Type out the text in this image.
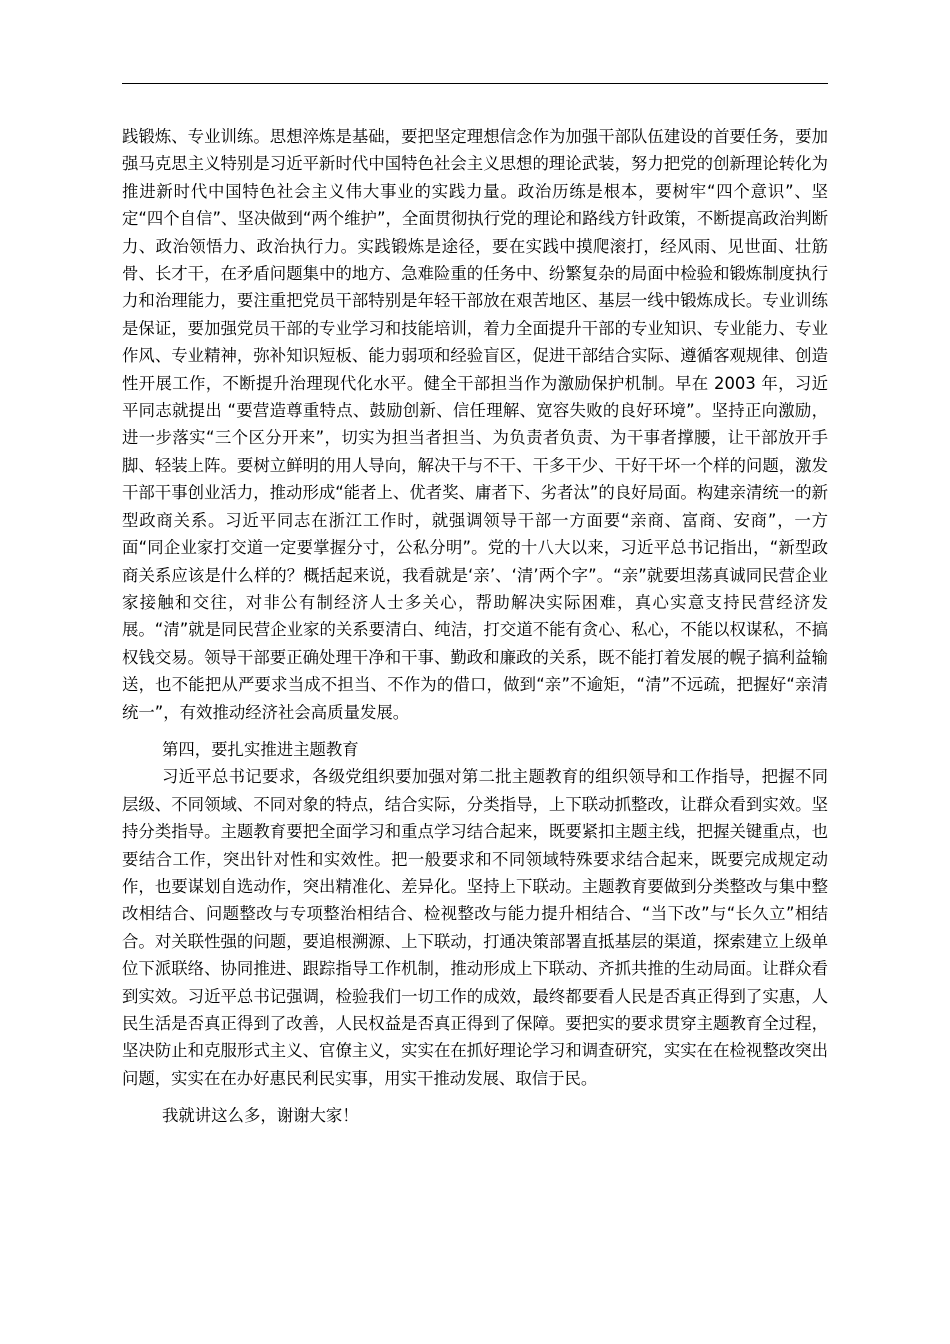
践锻炼、专业训练。思想淬炼是基础，要把坚定理想信念作为加强干部队伍建设的首要任务，要加强马克思主义特别是习近平新时代中国特色社会主义思想的理论武装，努力把党的创新理论转化为推进新时代中国特色社会主义伟大事业的实践力量。政治历练是根本，要树牢“四个意识”、坚定“四个自信”、坚决做到“两个维护”，全面贯彻执行党的理论和路线方针政策，不断提高政治判断力、政治领悟力、政治执行力。实践锻炼是途径，要在实践中摸爬滚打，经风雨、见世面、壮筋骨、长才干，在矛盾问题集中的地方、急难险重的任务中、纷繁复杂的局面中检验和锻炼制度执行力和治理能力，要注重把党员干部特别是年轻干部放在艰苦地区、基层一线中锻炼成长。专业训练是保证，要加强党员干部的专业学习和技能培训，着力全面提升干部的专业知识、专业能力、专业作风、专业精神，弥补知识短板、能力弱项和经验盲区，促进干部结合实际、遵循客观规律、创造性开展工作，不断提升治理现代化水平。健全干部担当作为激励保护机制。早在 2003 年，习近平同志就提出 “要营造尊重特点、鼓励创新、信任理解、宽容失败的良好环境”。坚持正向激励，进一步落实“三个区分开来”，切实为担当者担当、为负责者负责、为干事者撑腰，让干部放开手脚、轻装上阵。要树立鲜明的用人导向，解决干与不干、干多干少、干好干坏一个样的问题，激发干部干事创业活力，推动形成“能者上、优者奖、庸者下、劣者汰”的良好局面。构建亲清统一的新型政商关系。习近平同志在浙江工作时，就强调领导干部一方面要“亲商、富商、安商”，一方面“同企业家打交道一定要掌握分寸，公私分明”。党的十八大以来，习近平总书记指出，“新型政商关系应该是什么样的？概括起来说，我看就是‘亲’、‘清’两个字”。“亲”就要坦荡真诚同民营企业家接触和交往，对非公有制经济人士多关心，帮助解决实际困难，真心实意支持民营经济发展。“清”就是同民营企业家的关系要清白、纯洁，打交道不能有贪心、私心，不能以权谋私，不搞权钱交易。领导干部要正确处理干净和干事、勤政和廉政的关系，既不能打着发展的幌子搞利益输送，也不能把从严要求当成不担当、不作为的借口，做到“亲”不逾矩，“清”不远疏，把握好“亲清统一”，有效推动经济社会高质量发展。

第四，要扎实推进主题教育

习近平总书记要求，各级党组织要加强对第二批主题教育的组织领导和工作指导，把握不同层级、不同领域、不同对象的特点，结合实际，分类指导，上下联动抓整改，让群众看到实效。坚持分类指导。主题教育要把全面学习和重点学习结合起来，既要紧扣主题主线，把握关键重点，也要结合工作，突出针对性和实效性。把一般要求和不同领域特殊要求结合起来，既要完成规定动作，也要谋划自选动作，突出精准化、差异化。坚持上下联动。主题教育要做到分类整改与集中整改相结合、问题整改与专项整治相结合、检视整改与能力提升相结合、“当下改”与“长久立”相结合。对关联性强的问题，要追根溯源、上下联动，打通决策部署直抵基层的渠道，探索建立上级单位下派联络、协同推进、跟踪指导工作机制，推动形成上下联动、齐抓共推的生动局面。让群众看到实效。习近平总书记强调，检验我们一切工作的成效，最终都要看人民是否真正得到了实惠，人民生活是否真正得到了改善，人民权益是否真正得到了保障。要把实的要求贯穿主题教育全过程，坚决防止和克服形式主义、官僚主义，实实在在抓好理论学习和调查研究，实实在在检视整改突出问题，实实在在办好惠民利民实事，用实干推动发展、取信于民。

我就讲这么多，谢谢大家！
